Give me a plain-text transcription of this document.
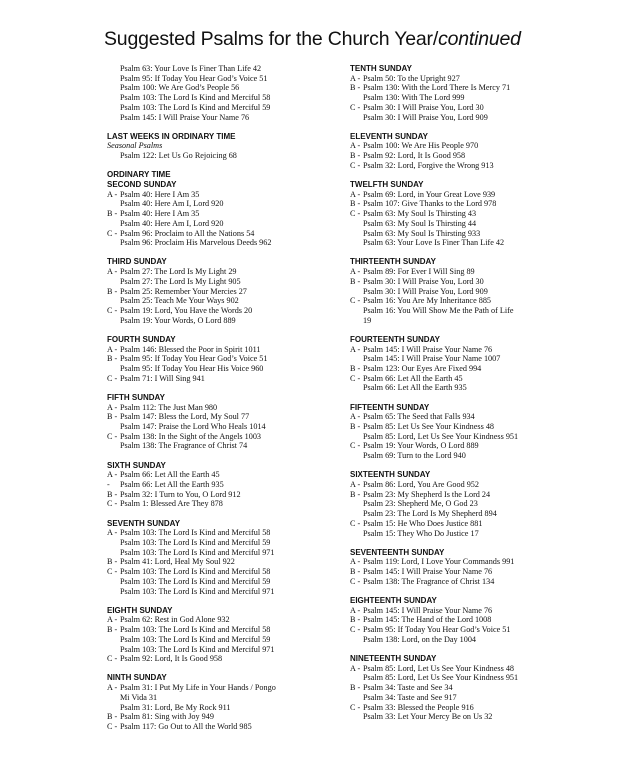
Suggested Psalms for the Church Year/continued
Psalm 63: Your Love Is Finer Than Life 42
Psalm 95: If Today You Hear God’s Voice 51
Psalm 100: We Are God’s People 56
Psalm 103: The Lord Is Kind and Merciful 58
Psalm 103: The Lord Is Kind and Merciful 59
Psalm 145: I Will Praise Your Name 76
LAST WEEKS IN ORDINARY TIME
Seasonal Psalms
Psalm 122: Let Us Go Rejoicing 68
ORDINARY TIME
SECOND SUNDAY
A - Psalm 40: Here I Am 35
Psalm 40: Here Am I, Lord 920
B - Psalm 40: Here I Am 35
Psalm 40: Here Am I, Lord 920
C - Psalm 96: Proclaim to All the Nations 54
Psalm 96: Proclaim His Marvelous Deeds 962
THIRD SUNDAY
A - Psalm 27: The Lord Is My Light 29
Psalm 27: The Lord Is My Light 905
B - Psalm 25: Remember Your Mercies 27
Psalm 25: Teach Me Your Ways 902
C - Psalm 19: Lord, You Have the Words 20
Psalm 19: Your Words, O Lord 889
FOURTH SUNDAY
A - Psalm 146: Blessed the Poor in Spirit 1011
B - Psalm 95: If Today You Hear God’s Voice 51
Psalm 95: If Today You Hear His Voice 960
C - Psalm 71: I Will Sing 941
FIFTH SUNDAY
A - Psalm 112: The Just Man 980
B - Psalm 147: Bless the Lord, My Soul 77
Psalm 147: Praise the Lord Who Heals 1014
C - Psalm 138: In the Sight of the Angels 1003
Psalm 138: The Fragrance of Christ 74
SIXTH SUNDAY
A - Psalm 66: Let All the Earth 45
-	Psalm 66: Let All the Earth 935
B - Psalm 32: I Turn to You, O Lord 912
C - Psalm 1: Blessed Are They 878
SEVENTH SUNDAY
A - Psalm 103: The Lord Is Kind and Merciful 58
Psalm 103: The Lord Is Kind and Merciful 59
Psalm 103: The Lord Is Kind and Merciful 971
B - Psalm 41: Lord, Heal My Soul 922
C - Psalm 103: The Lord Is Kind and Merciful 58
Psalm 103: The Lord Is Kind and Merciful 59
Psalm 103: The Lord Is Kind and Merciful 971
EIGHTH SUNDAY
A - Psalm 62: Rest in God Alone 932
B - Psalm 103: The Lord Is Kind and Merciful 58
Psalm 103: The Lord Is Kind and Merciful 59
Psalm 103: The Lord Is Kind and Merciful 971
C - Psalm 92: Lord, It Is Good 958
NINTH SUNDAY
A - Psalm 31: I Put My Life in Your Hands / Pongo
Mi Vida 31
Psalm 31: Lord, Be My Rock 911
B - Psalm 81: Sing with Joy 949
C - Psalm 117: Go Out to All the World 985
TENTH SUNDAY
A - Psalm 50: To the Upright 927
B - Psalm 130: With the Lord There Is Mercy 71
Psalm 130: With The Lord 999
C - Psalm 30: I Will Praise You, Lord 30
Psalm 30: I Will Praise You, Lord 909
ELEVENTH SUNDAY
A - Psalm 100: We Are His People 970
B - Psalm 92: Lord, It Is Good 958
C - Psalm 32: Lord, Forgive the Wrong 913
TWELFTH SUNDAY
A - Psalm 69: Lord, in Your Great Love 939
B - Psalm 107: Give Thanks to the Lord 978
C - Psalm 63: My Soul Is Thirsting 43
Psalm 63: My Soul Is Thirsting 44
Psalm 63: My Soul Is Thirsting 933
Psalm 63: Your Love Is Finer Than Life 42
THIRTEENTH SUNDAY
A - Psalm 89: For Ever I Will Sing 89
B - Psalm 30: I Will Praise You, Lord 30
Psalm 30: I Will Praise You, Lord 909
C - Psalm 16: You Are My Inheritance 885
Psalm 16: You Will Show Me the Path of Life
19
FOURTEENTH SUNDAY
A - Psalm 145: I Will Praise Your Name 76
Psalm 145: I Will Praise Your Name 1007
B - Psalm 123: Our Eyes Are Fixed 994
C - Psalm 66: Let All the Earth 45
Psalm 66: Let All the Earth 935
FIFTEENTH SUNDAY
A - Psalm 65: The Seed that Falls 934
B - Psalm 85: Let Us See Your Kindness 48
Psalm 85: Lord, Let Us See Your Kindness 951
C - Psalm 19: Your Words, O Lord 889
Psalm 69: Turn to the Lord 940
SIXTEENTH SUNDAY
A - Psalm 86: Lord, You Are Good 952
B - Psalm 23: My Shepherd Is the Lord 24
Psalm 23: Shepherd Me, O God 23
Psalm 23: The Lord Is My Shepherd 894
C - Psalm 15: He Who Does Justice 881
Psalm 15: They Who Do Justice 17
SEVENTEENTH SUNDAY
A - Psalm 119: Lord, I Love Your Commands 991
B - Psalm 145: I Will Praise Your Name 76
C - Psalm 138: The Fragrance of Christ 134
EIGHTEENTH SUNDAY
A - Psalm 145: I Will Praise Your Name 76
B - Psalm 145: The Hand of the Lord 1008
C - Psalm 95: If Today You Hear God’s Voice 51
Psalm 138: Lord, on the Day 1004
NINETEENTH SUNDAY
A - Psalm 85: Lord, Let Us See Your Kindness 48
Psalm 85: Lord, Let Us See Your Kindness 951
B - Psalm 34: Taste and See 34
Psalm 34: Taste and See 917
C - Psalm 33: Blessed the People 916
Psalm 33: Let Your Mercy Be on Us 32
